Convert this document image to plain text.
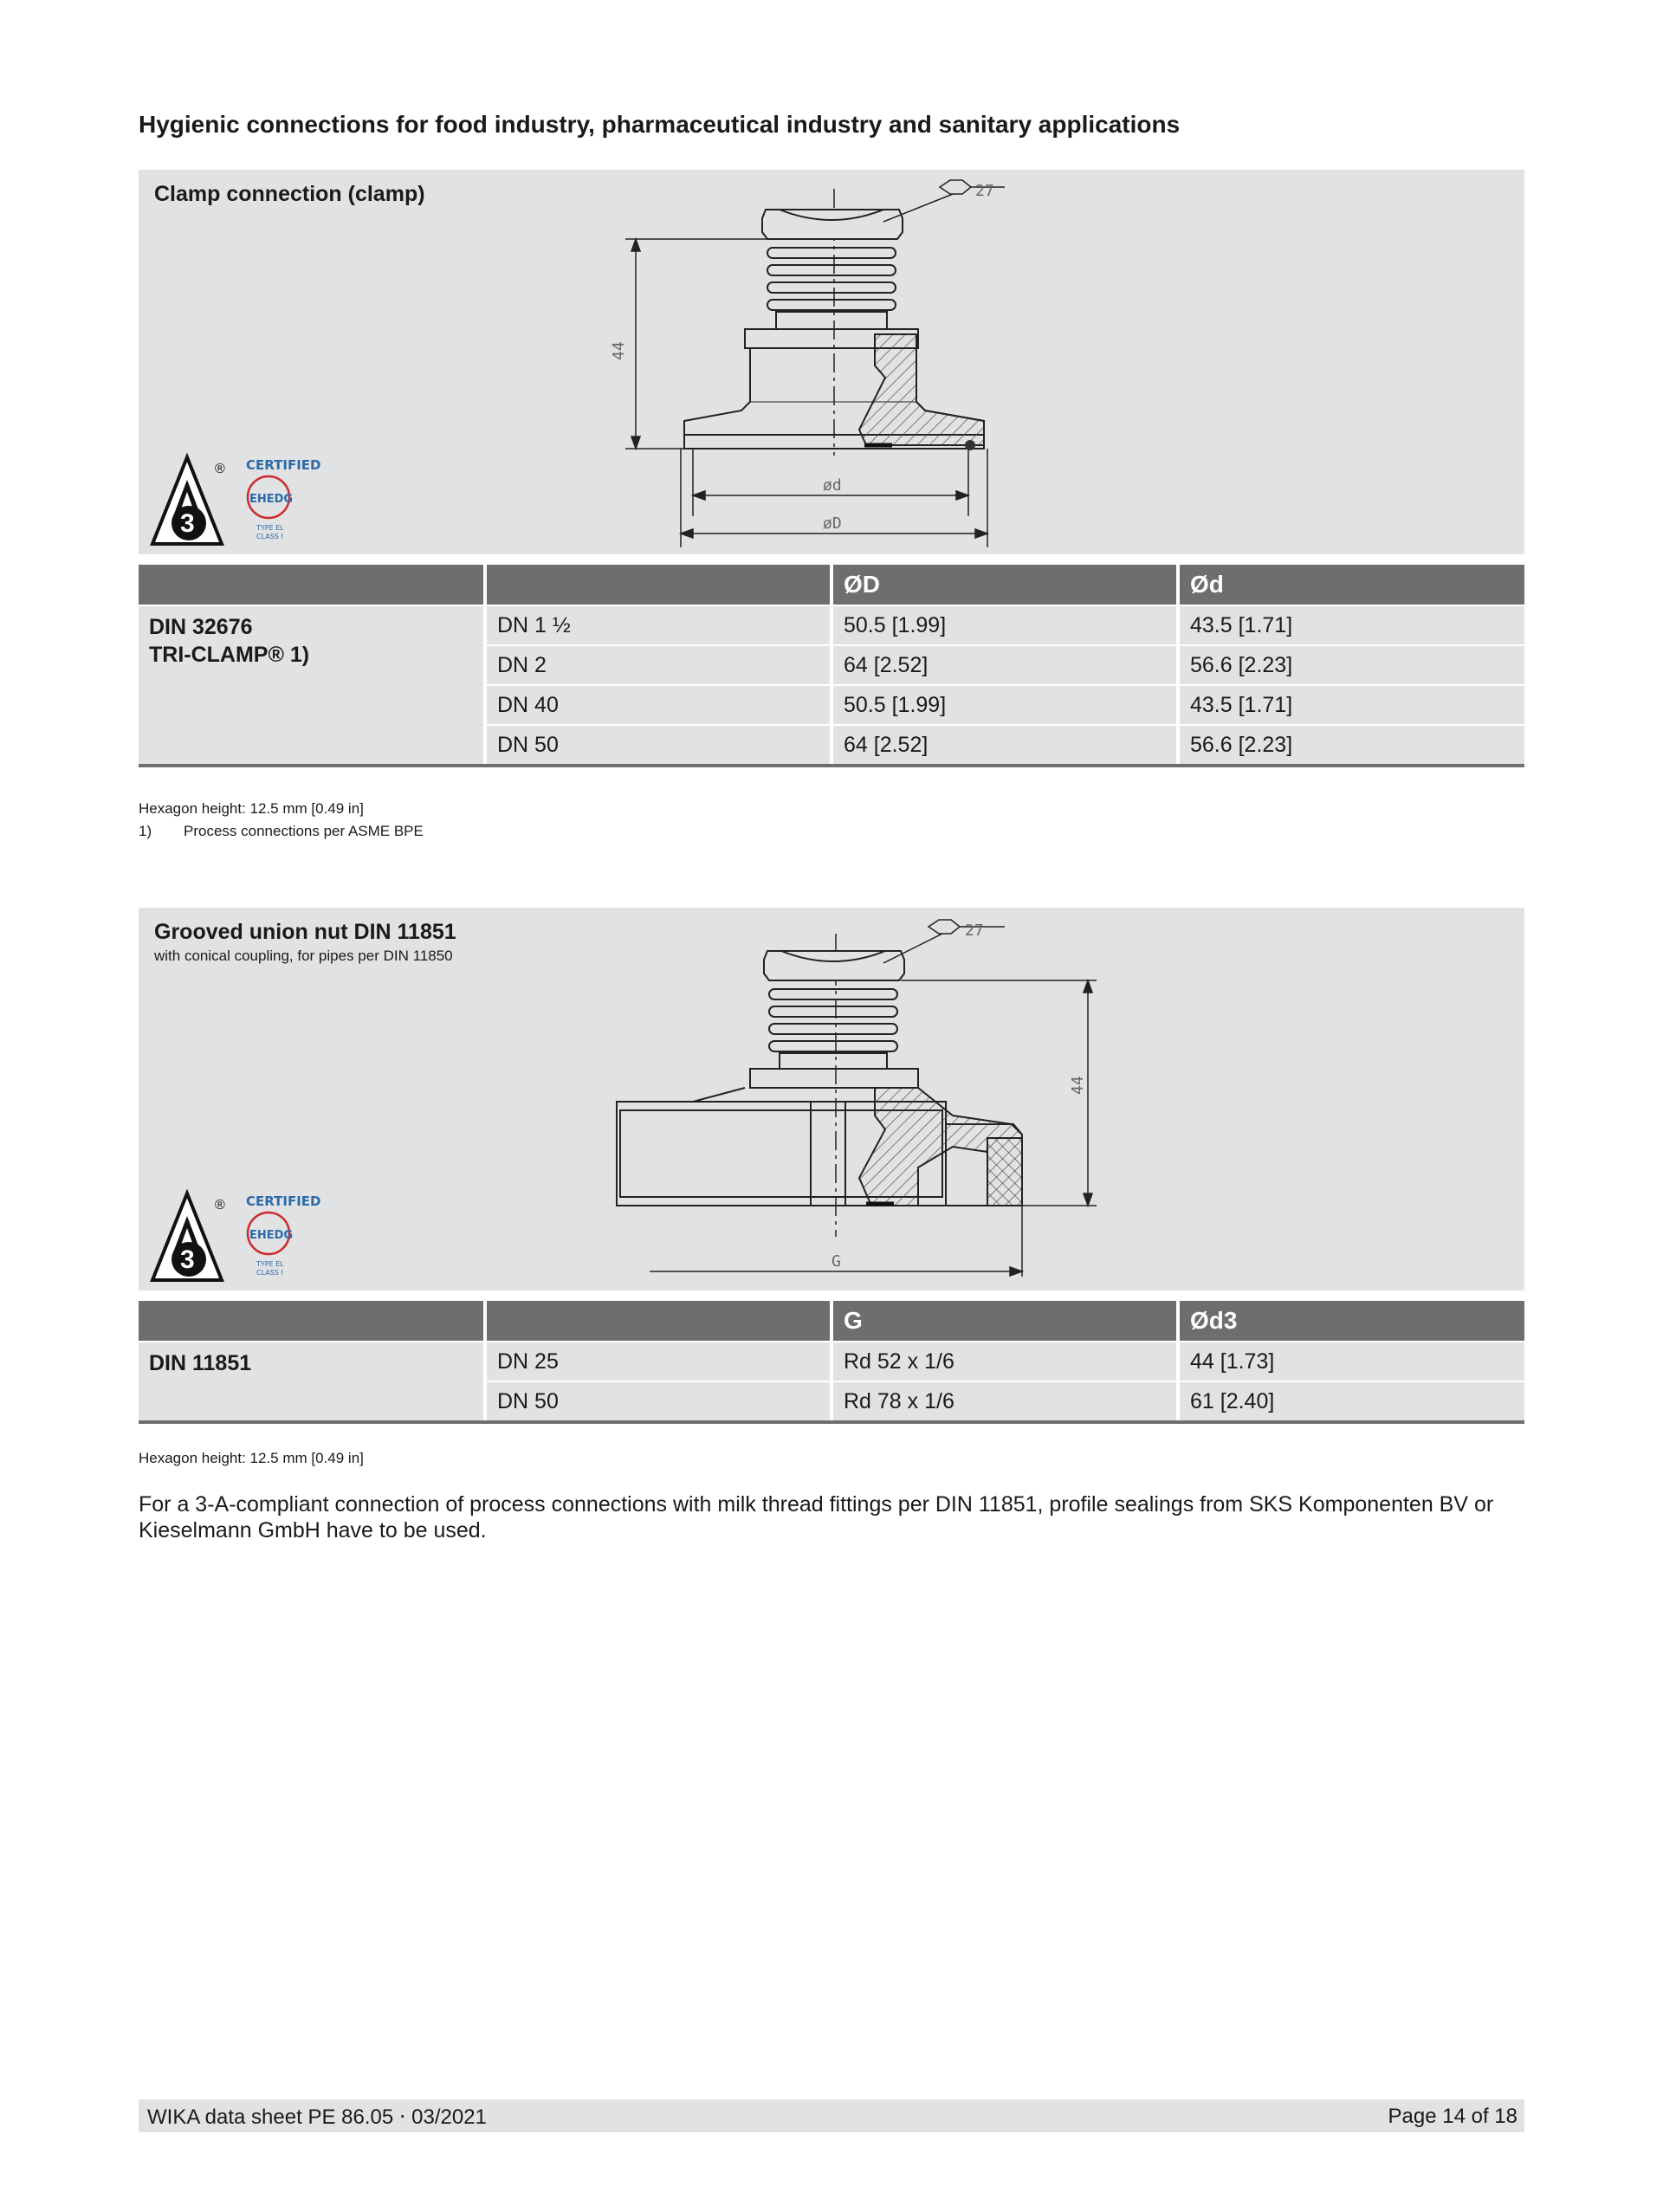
Hygienic connections for food industry, pharmaceutical industry and sanitary applications
Clamp connection (clamp)	27
44
ød
øD
3
® CERTIFIED
EHEDG
TYPE EL
CLASS I
		ØD	Ød

DIN 32676
TRI-CLAMP® 1)	DN 1 ½	50.5 [1.99]	43.5 [1.71]
	DN 2	64 [2.52]	56.6 [2.23]
	DN 40	50.5 [1.99]	43.5 [1.71]
	DN 50	64 [2.52]	56.6 [2.23]
Hexagon height: 12.5 mm [0.49 in]
1) Process connections per ASME BPE
Grooved union nut DIN 11851
with conical coupling, for pipes per DIN 11850
27
44
G
3
® CERTIFIED
EHEDG
TYPE EL
CLASS I
		G	Ød3
DIN 11851	DN 25	Rd 52 x 1/6	44 [1.73]
	DN 50	Rd 78 x 1/6	61 [2.40]
Hexagon height: 12.5 mm [0.49 in]
For a 3-A-compliant connection of process connections with milk thread fittings per DIN 11851, profile sealings from SKS Komponenten BV or Kieselmann GmbH have to be used.
WIKA data sheet PE 86.05 ⋅ 03/2021	Page 14 of 18
